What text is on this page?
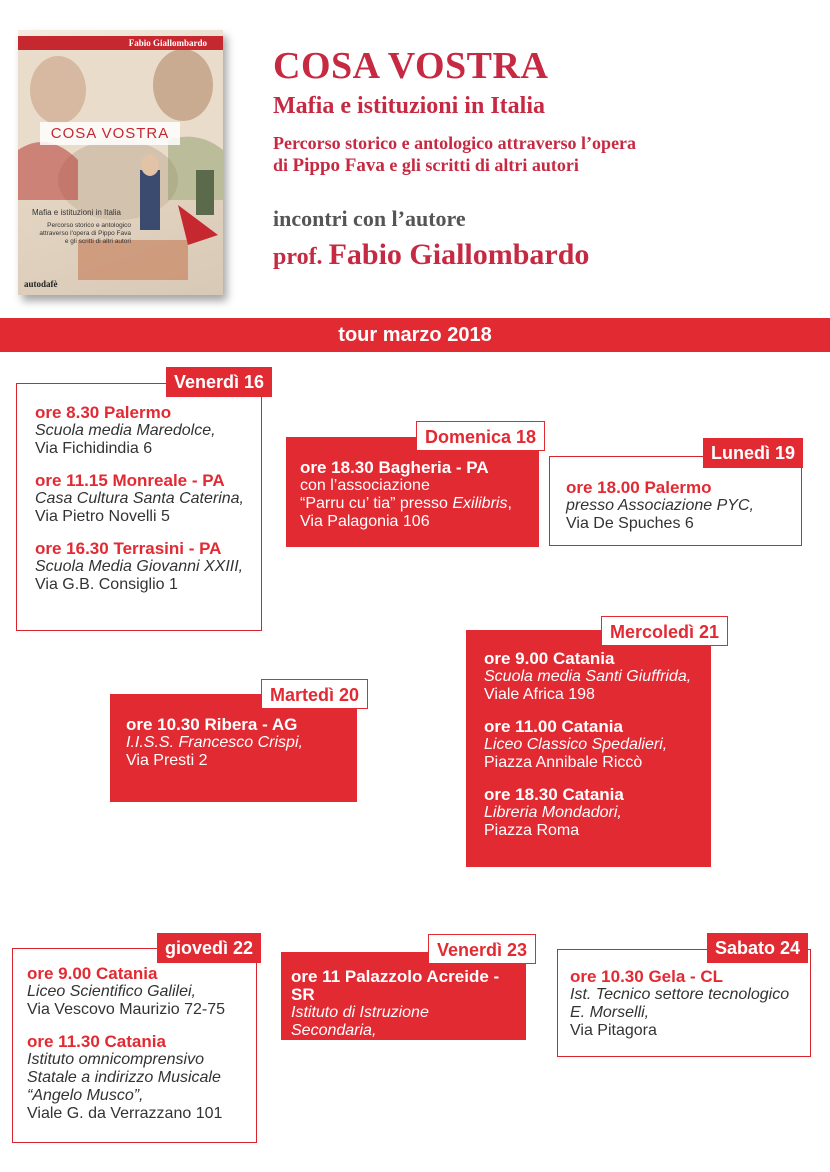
Fabio Giallombardo
COSA VOSTRA
Mafia e istituzioni in Italia
Percorso storico e antologico attraverso l'opera di Pippo Fava e gli scritti di altri autori
autodafè
COSA VOSTRA
Mafia e istituzioni in Italia
Percorso storico e antologico attraverso l’opera
di Pippo Fava e gli scritti di altri autori
incontri con l’autore
prof. Fabio Giallombardo
tour marzo 2018
ore 8.30 Palermo
Scuola media Maredolce,
Via Fichidindia 6
ore 11.15 Monreale - PA
Casa Cultura Santa Caterina,
Via Pietro Novelli 5
ore 16.30 Terrasini - PA
Scuola Media Giovanni XXIII,
Via G.B. Consiglio 1
Venerdì 16
ore 18.30 Bagheria - PA
con l’associazione
“Parru cu’ tia” presso Exilibris,
Via Palagonia 106
Domenica 18
ore 18.00 Palermo
presso Associazione PYC,
Via De Spuches 6
Lunedì 19
ore 9.00 Catania
Scuola media Santi Giuffrida,
Viale Africa 198
ore 11.00 Catania
Liceo Classico Spedalieri,
Piazza Annibale Riccò
ore 18.30 Catania
Libreria Mondadori,
Piazza Roma
Mercoledì 21
ore 10.30 Ribera - AG
I.I.S.S. Francesco Crispi,
Via Presti 2
Martedì 20
ore 9.00 Catania
Liceo Scientifico Galilei,
Via Vescovo Maurizio 72-75
ore 11.30 Catania
Istituto omnicomprensivo
Statale a indirizzo Musicale
“Angelo Musco”,
Viale G. da Verrazzano 101
giovedì 22
ore 11 Palazzolo Acreide - SR
Istituto di Istruzione Secondaria,
Via Antonio Uccello
Venerdì 23
ore 10.30 Gela - CL
Ist. Tecnico settore tecnologico
E. Morselli,
Via Pitagora
Sabato 24
